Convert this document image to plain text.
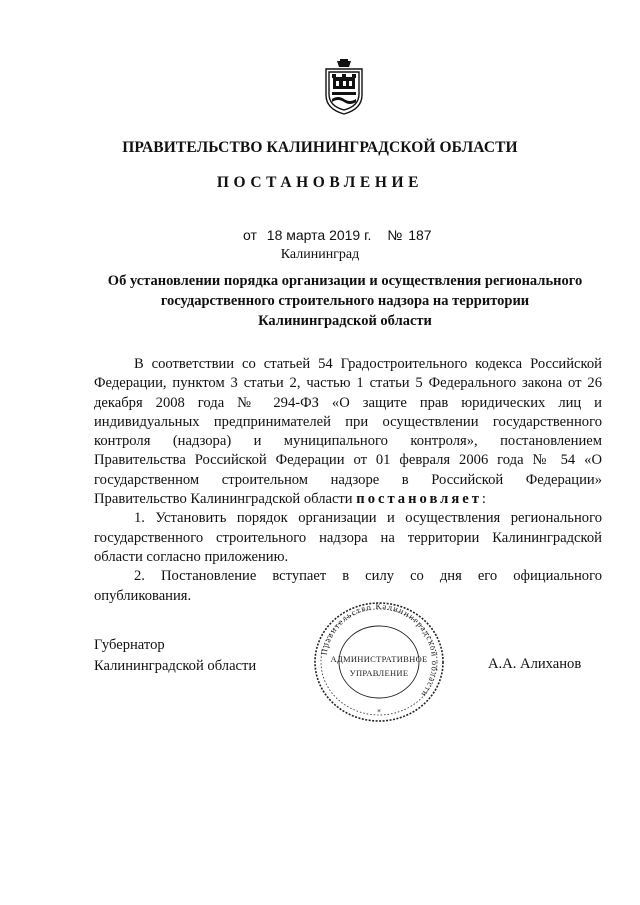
ПРАВИТЕЛЬСТВО КАЛИНИНГРАДСКОЙ ОБЛАСТИ
ПОСТАНОВЛЕНИЕ
от 18 марта 2019 г. № 187
Калининград
Об установлении порядка организации и осуществления регионального
государственного строительного надзора на территории
Калининградской области

В соответствии со статьей 54 Градостроительного кодекса Российской Федерации, пунктом 3 статьи 2, частью 1 статьи 5 Федерального закона от 26 декабря 2008 года № 294-ФЗ «О защите прав юридических лиц и индивидуальных предпринимателей при осуществлении государственного контроля (надзора) и муниципального контроля», постановлением Правительства Российской Федерации от 01 февраля 2006 года № 54 «О государственном строительном надзоре в Российской Федерации» Правительство Калининградской области постановляет:

1. Установить порядок организации и осуществления регионального государственного строительного надзора на территории Калининградской области согласно приложению.

2. Постановление вступает в силу со дня его официального опубликования.

Губернатор
Калининградской области	А.А. Алиханов
Правительство Калининградской области
АДМИНИСТРАТИВНОЕ
УПРАВЛЕНИЕ
*
